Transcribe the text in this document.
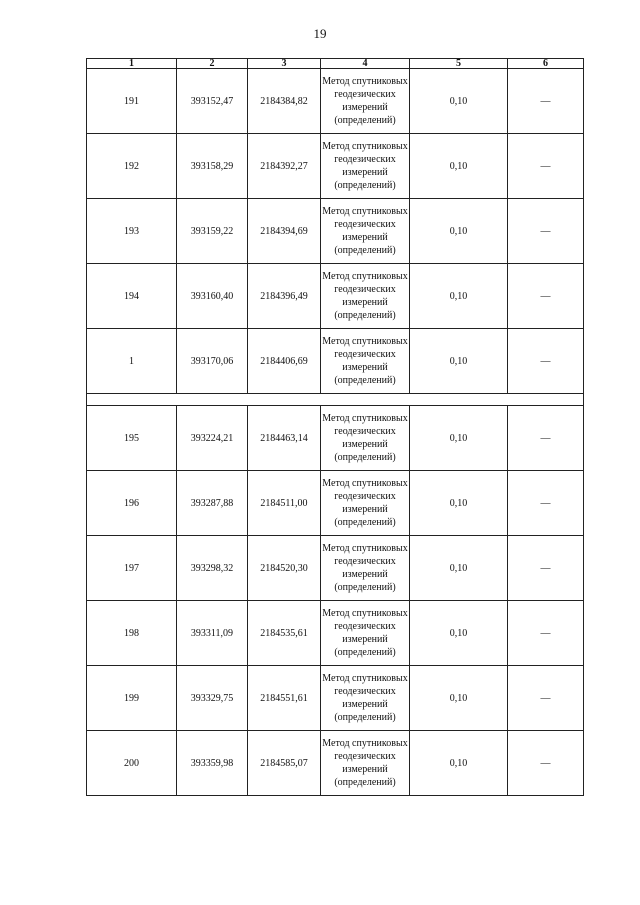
19
1	2	3	4	5	6
191	393152,47	2184384,82	Метод спутниковых геодезических измерений (определений)	0,10	—
192	393158,29	2184392,27	Метод спутниковых геодезических измерений (определений)	0,10	—
193	393159,22	2184394,69	Метод спутниковых геодезических измерений (определений)	0,10	—
194	393160,40	2184396,49	Метод спутниковых геодезических измерений (определений)	0,10	—
1	393170,06	2184406,69	Метод спутниковых геодезических измерений (определений)	0,10	—

195	393224,21	2184463,14	Метод спутниковых геодезических измерений (определений)	0,10	—
196	393287,88	2184511,00	Метод спутниковых геодезических измерений (определений)	0,10	—
197	393298,32	2184520,30	Метод спутниковых геодезических измерений (определений)	0,10	—
198	393311,09	2184535,61	Метод спутниковых геодезических измерений (определений)	0,10	—
199	393329,75	2184551,61	Метод спутниковых геодезических измерений (определений)	0,10	—
200	393359,98	2184585,07	Метод спутниковых геодезических измерений (определений)	0,10	—
